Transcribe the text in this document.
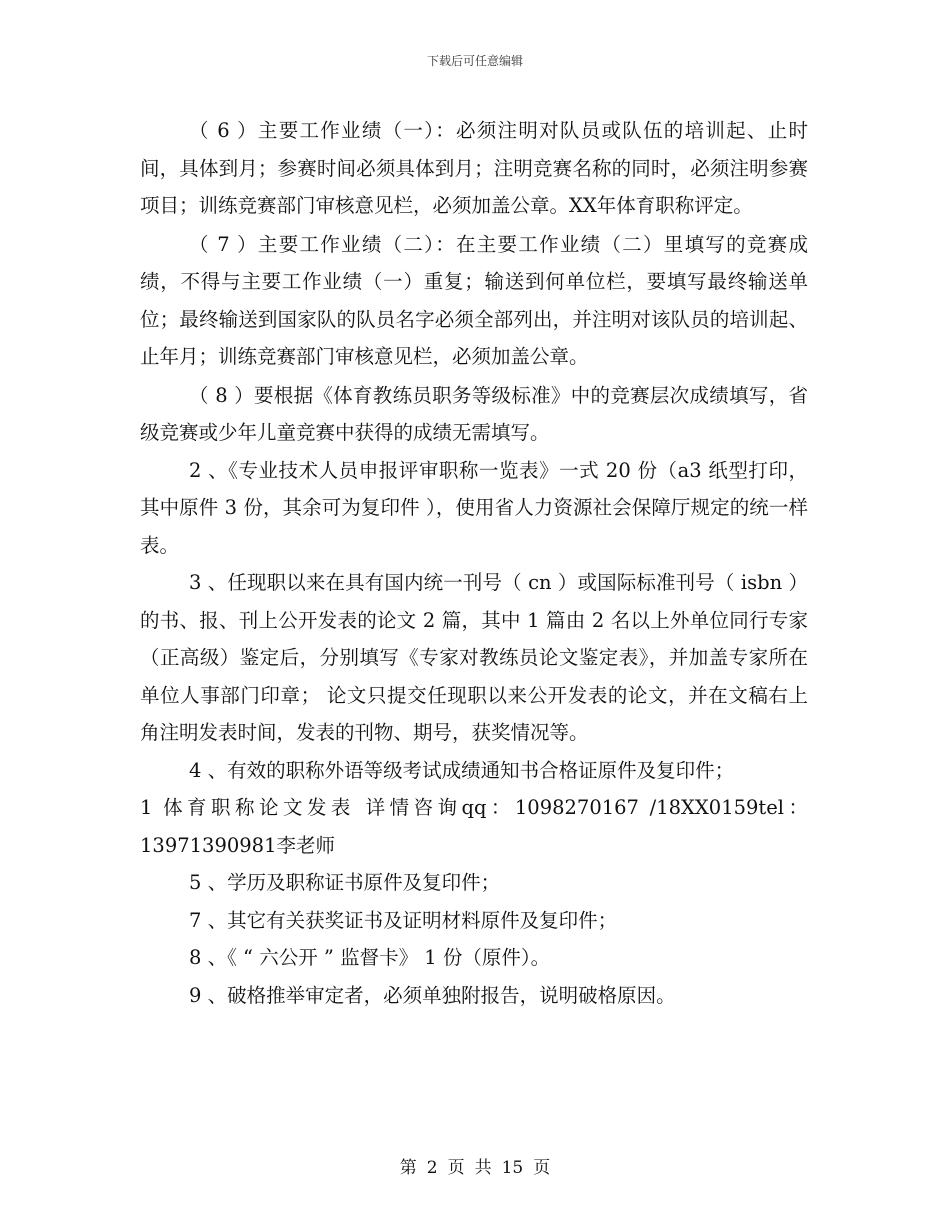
下载后可任意编辑

（ 6 ）主要工作业绩（一）：必须注明对队员或队伍的培训起、止时间，具体到月；参赛时间必须具体到月；注明竞赛名称的同时，必须注明参赛项目；训练竞赛部门审核意见栏，必须加盖公章。XX年体育职称评定。

（ 7 ）主要工作业绩（二）：在主要工作业绩（二）里填写的竞赛成绩，不得与主要工作业绩（一）重复；输送到何单位栏，要填写最终输送单位；最终输送到国家队的队员名字必须全部列出，并注明对该队员的培训起、止年月；训练竞赛部门审核意见栏，必须加盖公章。

（ 8 ）要根据《体育教练员职务等级标准》中的竞赛层次成绩填写，省级竞赛或少年儿童竞赛中获得的成绩无需填写。

2 、《专业技术人员申报评审职称一览表》一式 20 份（a3 纸型打印，其中原件 3 份，其余可为复印件 ），使用省人力资源社会保障厅规定的统一样表。

3 、任现职以来在具有国内统一刊号（ cn ）或国际标准刊号（ isbn ）的书、报、刊上公开发表的论文 2 篇，其中 1 篇由 2 名以上外单位同行专家（正高级）鉴定后，分别填写《专家对教练员论文鉴定表》，并加盖专家所在单位人事部门印章； 论文只提交任现职以来公开发表的论文，并在文稿右上角注明发表时间，发表的刊物、期号，获奖情况等。

4 、有效的职称外语等级考试成绩通知书合格证原件及复印件；

1 体育职称论文发表 详情咨询qq：1098270167 /18XX0159tel：13971390981李老师

5 、学历及职称证书原件及复印件；

7 、其它有关获奖证书及证明材料原件及复印件；

8 、《 “ 六公开 ” 监督卡》 1 份（原件）。

9 、破格推举审定者，必须单独附报告，说明破格原因。

第 2 页 共 15 页
